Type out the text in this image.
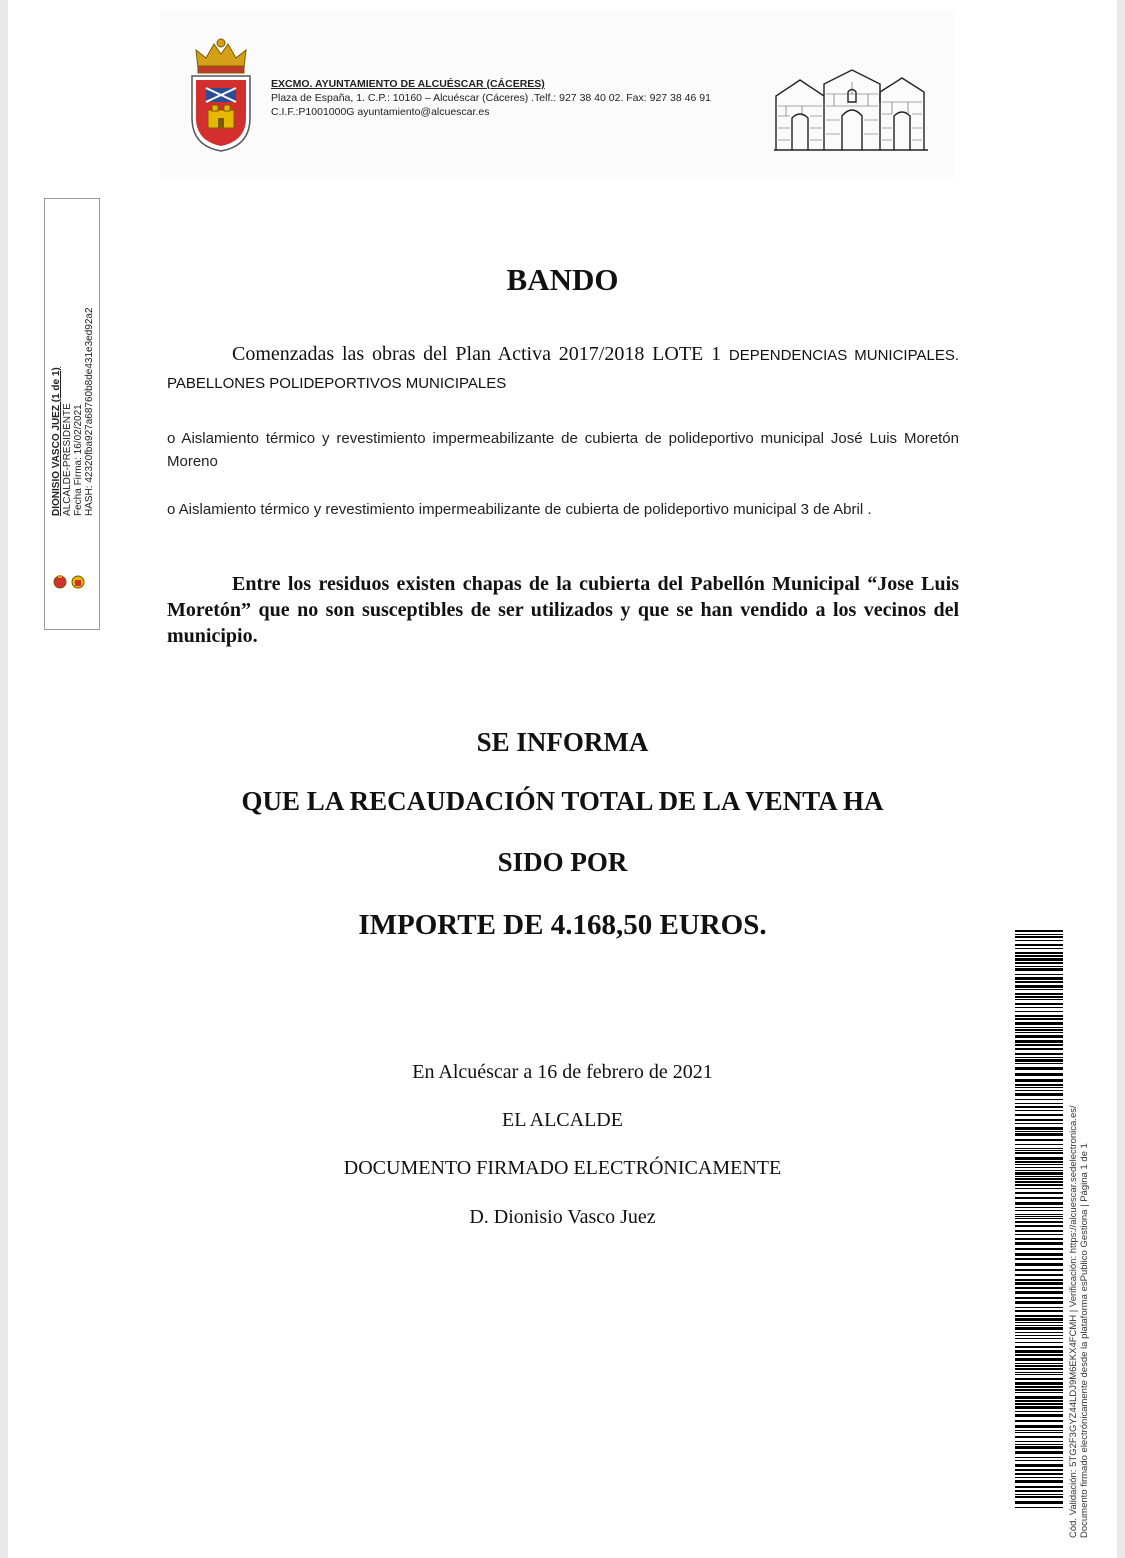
EXCMO. AYUNTAMIENTO DE ALCUÉSCAR (CÁCERES)
Plaza de España, 1. C.P.: 10160 – Alcuéscar (Cáceres) .Telf.: 927 38 40 02. Fax: 927 38 46 91
C.I.F.:P1001000G ayuntamiento@alcuescar.es
DIONISIO VASCO JUEZ (1 de 1) ALCALDE-PRESIDENTE Fecha Firma: 16/02/2021 HASH: 42320fba927a68760b8de431e3ed92a2
BANDO
Comenzadas las obras del Plan Activa 2017/2018 LOTE 1 DEPENDENCIAS MUNICIPALES. PABELLONES POLIDEPORTIVOS MUNICIPALES
o Aislamiento térmico y revestimiento impermeabilizante de cubierta de polideportivo municipal José Luis Moretón Moreno
o Aislamiento térmico y revestimiento impermeabilizante de cubierta de polideportivo municipal 3 de Abril .
Entre los residuos existen chapas de la cubierta del Pabellón Municipal “Jose Luis Moretón” que no son susceptibles de ser utilizados y que se han vendido a los vecinos del municipio.
SE INFORMA
QUE LA RECAUDACIÓN TOTAL DE LA VENTA HA
SIDO POR
IMPORTE DE 4.168,50 EUROS.
En Alcuéscar a 16 de febrero de 2021
EL ALCALDE
DOCUMENTO FIRMADO ELECTRÓNICAMENTE
D. Dionisio Vasco Juez	Cód. Validación: 5TG2F3GYZ44LDJ9M6EKX4FCMH | Verificación: https://alcuescar.sedelectronica.es/ Documento firmado electrónicamente desde la plataforma esPublico Gestiona | Página 1 de 1
